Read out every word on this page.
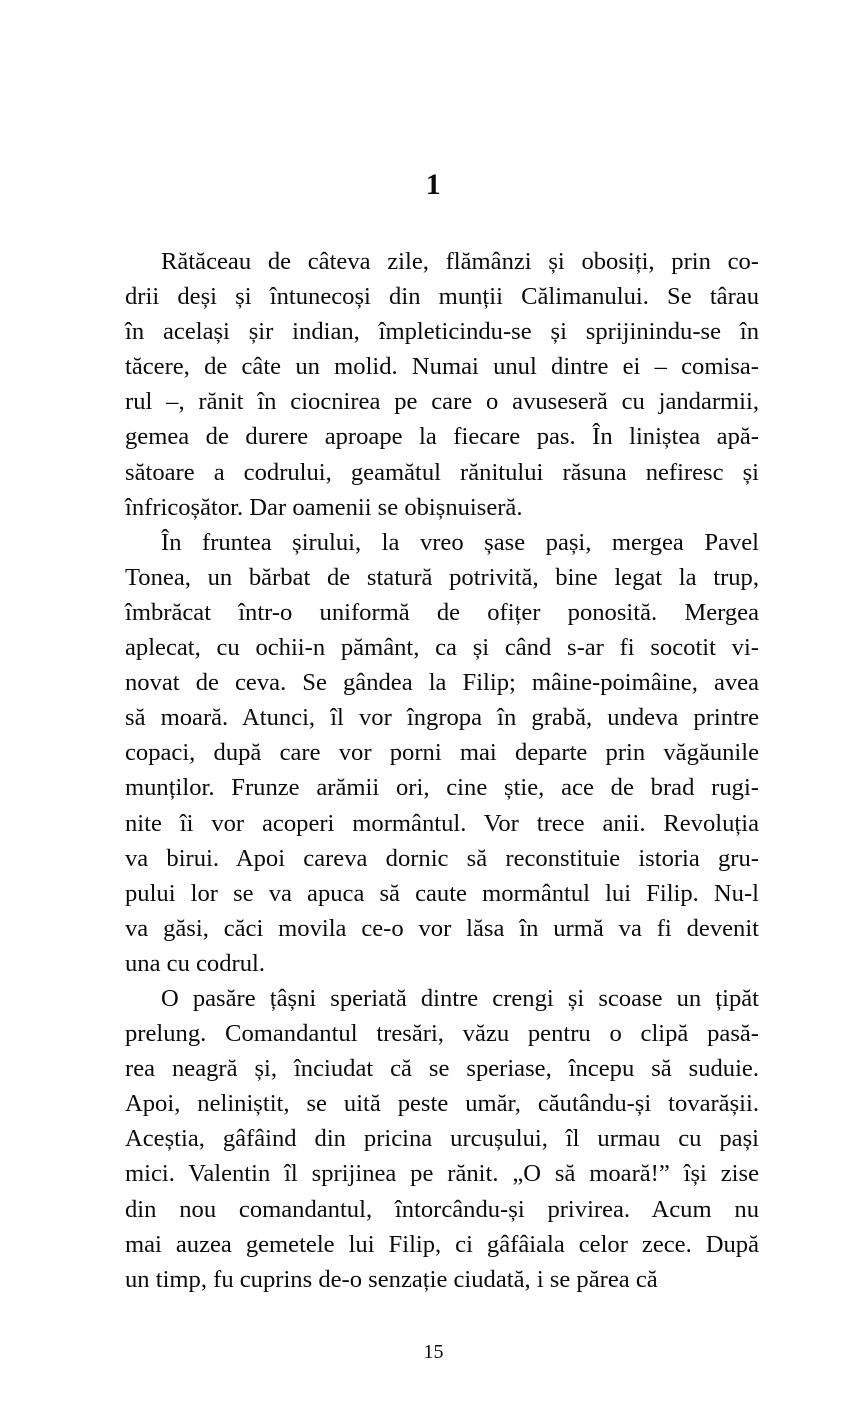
1
Rătăceau de câteva zile, flămânzi și obosiți, prin co-
drii deși și întunecoși din munții Călimanului. Se târau
în același șir indian, împleticindu-se și sprijinindu-se în
tăcere, de câte un molid. Numai unul dintre ei – comisa-
rul –, rănit în ciocnirea pe care o avuseseră cu jandarmii,
gemea de durere aproape la fiecare pas. În liniștea apă-
sătoare a codrului, geamătul rănitului răsuna nefiresc și
înfricoșător. Dar oamenii se obișnuiseră.
În fruntea șirului, la vreo șase pași, mergea Pavel
Tonea, un bărbat de statură potrivită, bine legat la trup,
îmbrăcat într-o uniformă de ofițer ponosită. Mergea
aplecat, cu ochii-n pământ, ca și când s-ar fi socotit vi-
novat de ceva. Se gândea la Filip; mâine-poimâine, avea
să moară. Atunci, îl vor îngropa în grabă, undeva printre
copaci, după care vor porni mai departe prin văgăunile
munților. Frunze arămii ori, cine știe, ace de brad rugi-
nite îi vor acoperi mormântul. Vor trece anii. Revoluția
va birui. Apoi careva dornic să reconstituie istoria gru-
pului lor se va apuca să caute mormântul lui Filip. Nu-l
va găsi, căci movila ce-o vor lăsa în urmă va fi devenit
una cu codrul.
O pasăre țâșni speriată dintre crengi și scoase un țipăt
prelung. Comandantul tresări, văzu pentru o clipă pasă-
rea neagră și, înciudat că se speriase, începu să suduie.
Apoi, neliniștit, se uită peste umăr, căutându-și tovarășii.
Aceștia, gâfâind din pricina urcușului, îl urmau cu pași
mici. Valentin îl sprijinea pe rănit. „O să moară!” își zise
din nou comandantul, întorcându-și privirea. Acum nu
mai auzea gemetele lui Filip, ci gâfâiala celor zece. După
un timp, fu cuprins de-o senzație ciudată, i se părea că
15
